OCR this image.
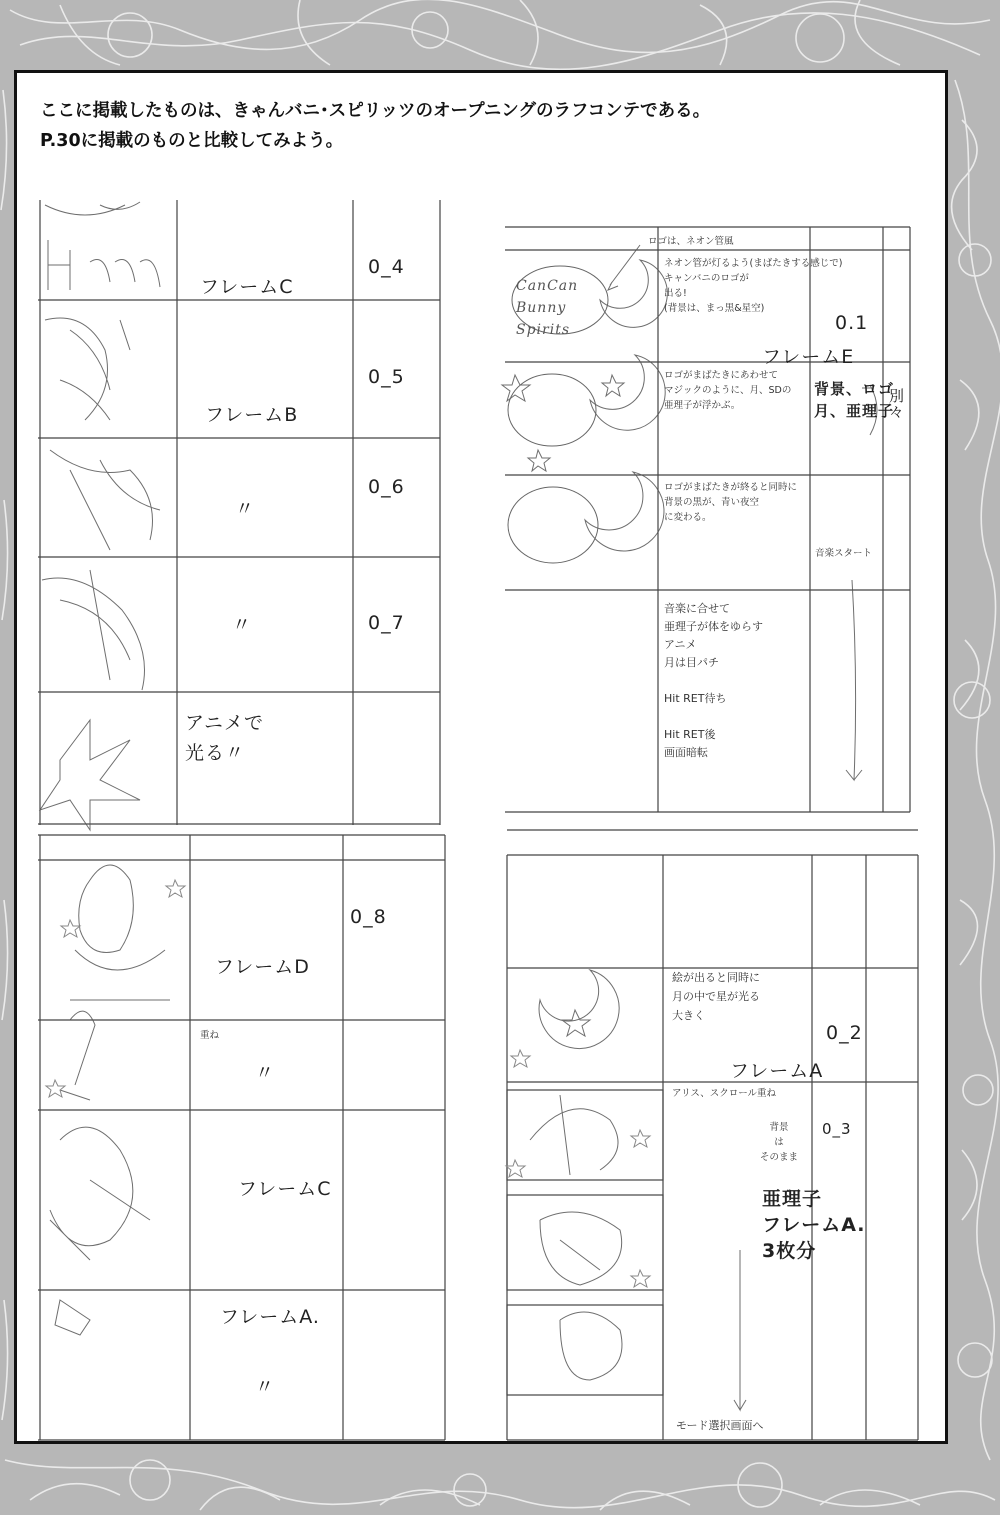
ここに掲載したものは、きゃんバニ･スピリッツのオープニングのラフコンテである。
P.30に掲載のものと比較してみよう。
フレームC
0_4
フレームB
0_5
〃
0_6
〃	0_7
アニメで
光る〃
ロゴは、ネオン管風
CanCan Bunny Spirits
ネオン管が灯るよう(まばたきする感じで)
キャンバニのロゴが
出る!
(背景は、まっ黒&星空)
0.1
フレームE
ロゴがまばたきにあわせて
マジックのように、月、SDの
亜理子が浮かぶ。
背景、ロゴ
月、亜理子
別々
ロゴがまばたきが終ると同時に
背景の黒が、青い夜空
に変わる。
音楽スタート
音楽に合せて
亜理子が体をゆらす
アニメ
月は目パチ

Hit RET待ち

Hit RET後
画面暗転
0_8
フレームD
重ね
〃
フレームC
フレームA.
〃
絵が出ると同時に
月の中で星が光る
大きく
0_2
フレームA
アリス、スクロール重ね
背景
は
そのまま
0_3
亜理子
フレームA.
3枚分
モード選択画面へ
